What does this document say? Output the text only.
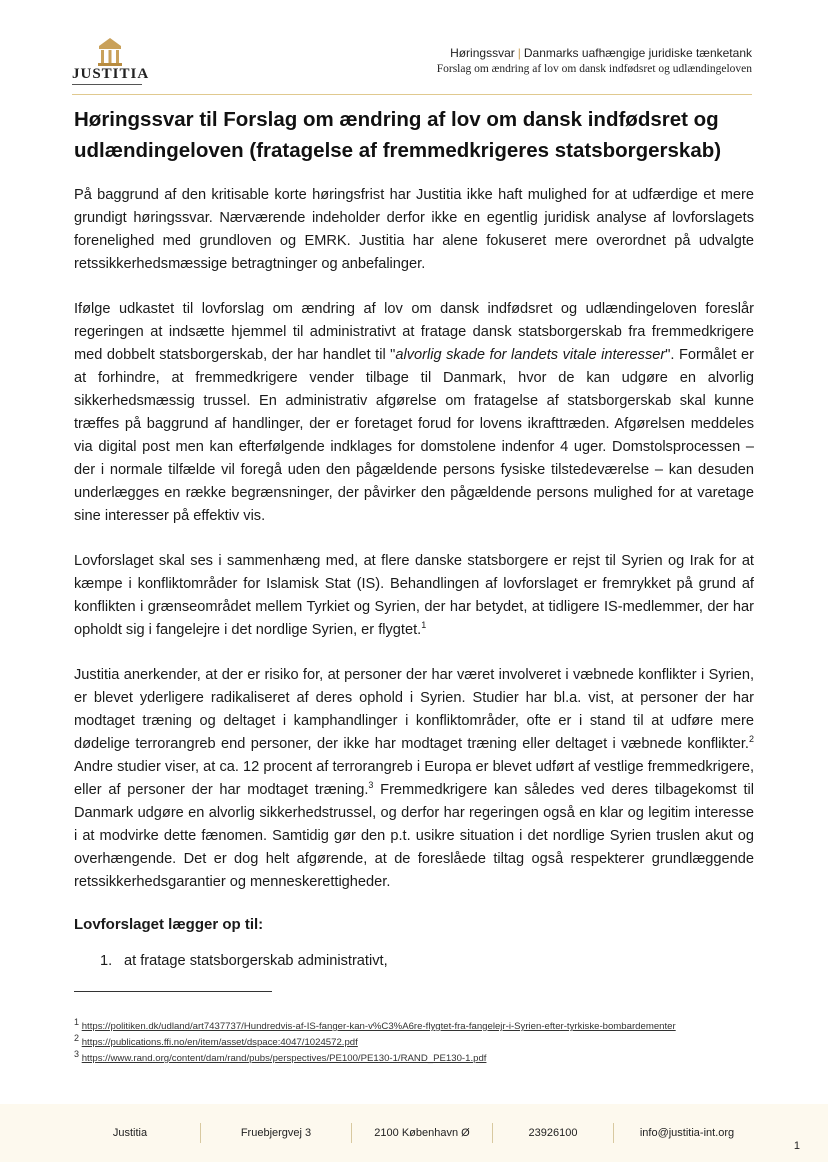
JUSTITIA
Høringssvar | Danmarks uafhængige juridiske tænketank
Forslag om ændring af lov om dansk indfødsret og udlændingeloven
Høringssvar til Forslag om ændring af lov om dansk indfødsret og udlændingeloven (fratagelse af fremmedkrigeres statsborgerskab)

På baggrund af den kritisable korte høringsfrist har Justitia ikke haft mulighed for at udfærdige et mere grundigt høringssvar. Nærværende indeholder derfor ikke en egentlig juridisk analyse af lovforslagets forenelighed med grundloven og EMRK. Justitia har alene fokuseret mere overordnet på udvalgte retssikkerhedsmæssige betragtninger og anbefalinger.

Ifølge udkastet til lovforslag om ændring af lov om dansk indfødsret og udlændingeloven foreslår regeringen at indsætte hjemmel til administrativt at fratage dansk statsborgerskab fra fremmedkrigere med dobbelt statsborgerskab, der har handlet til "alvorlig skade for landets vitale interesser". Formålet er at forhindre, at fremmedkrigere vender tilbage til Danmark, hvor de kan udgøre en alvorlig sikkerhedsmæssig trussel. En administrativ afgørelse om fratagelse af statsborgerskab skal kunne træffes på baggrund af handlinger, der er foretaget forud for lovens ikrafttræden. Afgørelsen meddeles via digital post men kan efterfølgende indklages for domstolene indenfor 4 uger. Domstolsprocessen – der i normale tilfælde vil foregå uden den pågældende persons fysiske tilstedeværelse – kan desuden underlægges en række begrænsninger, der påvirker den pågældende persons mulighed for at varetage sine interesser på effektiv vis.

Lovforslaget skal ses i sammenhæng med, at flere danske statsborgere er rejst til Syrien og Irak for at kæmpe i konfliktområder for Islamisk Stat (IS). Behandlingen af lovforslaget er fremrykket på grund af konflikten i grænseområdet mellem Tyrkiet og Syrien, der har betydet, at tidligere IS-medlemmer, der har opholdt sig i fangelejre i det nordlige Syrien, er flygtet.$^1$

Justitia anerkender, at der er risiko for, at personer der har været involveret i væbnede konflikter i Syrien, er blevet yderligere radikaliseret af deres ophold i Syrien. Studier har bl.a. vist, at personer der har modtaget træning og deltaget i kamphandlinger i konfliktområder, ofte er i stand til at udføre mere dødelige terrorangreb end personer, der ikke har modtaget træning eller deltaget i væbnede konflikter.$^2$ Andre studier viser, at ca. 12 procent af terrorangreb i Europa er blevet udført af vestlige fremmedkrigere, eller af personer der har modtaget træning.$^3$ Fremmedkrigere kan således ved deres tilbagekomst til Danmark udgøre en alvorlig sikkerhedstrussel, og derfor har regeringen også en klar og legitim interesse i at modvirke dette fænomen. Samtidig gør den p.t. usikre situation i det nordlige Syrien truslen akut og overhængende. Det er dog helt afgørende, at de foreslåede tiltag også respekterer grundlæggende retssikkerhedsgarantier og menneskerettigheder.

Lovforslaget lægger op til:
1. at fratage statsborgerskab administrativt,
$^1$ https://politiken.dk/udland/art7437737/Hundredvis-af-IS-fanger-kan-v%C3%A6re-flygtet-fra-fangelejr-i-Syrien-efter-tyrkiske-bombardementer
$^2$ https://publications.ffi.no/en/item/asset/dspace:4047/1024572.pdf
$^3$ https://www.rand.org/content/dam/rand/pubs/perspectives/PE100/PE130-1/RAND_PE130-1.pdf
Justitia	Fruebjergvej 3	2100 København Ø	23926100	info@justitia-int.org
1
